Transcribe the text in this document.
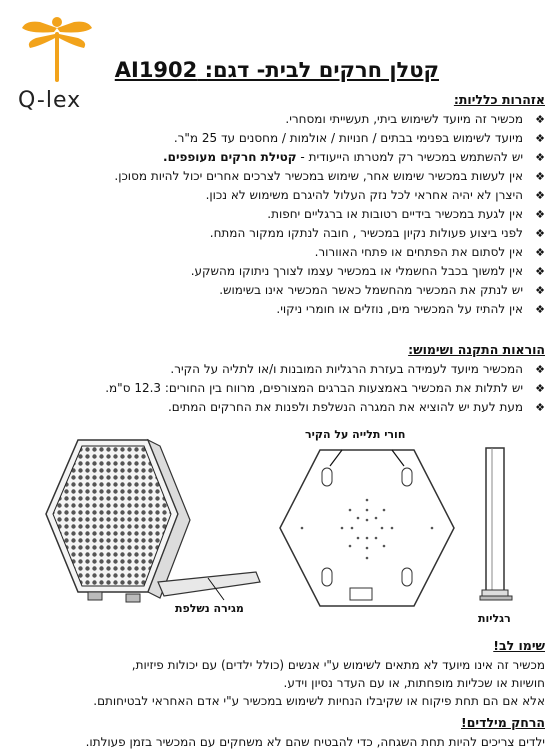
Q-lex
קטלן חרקים לבית- דגם: AI1902
אזהרות כלליות:
❖
מכשיר זה מיועד לשימוש ביתי, תעשייתי ומסחרי.
❖
מיועד לשימוש בפנימי בבתים / חנויות / אולמות / מחסנים עד 25 מ"ר.
❖
יש להשתמש במכשיר רק למטרתו הייעודית - קטילת חרקים מעופפים.
❖
אין לעשות במכשיר שימוש אחר, שימוש במכשיר לצרכים אחרים יכול להיות מסוכן.
❖
היצרן לא יהיה אחראי לכל נזק העלול להיגרם משימוש לא נכון.
❖
אין לגעת במכשיר בידיים רטובות או ברגליים יחפות.
❖
לפני ביצוע פעולות נקיון במכשיר , חובה לנתקו ממקור המתח.
❖
אין לסתום את הפתחים או פתחי האוורור.
❖
אין למשוך בכבל החשמלי או במכשיר עצמו לצורך ניתוקו מהשקע.
❖
יש לנתק את המכשיר מהחשמל כאשר המכשיר אינו בשימוש.
❖
אין להתיז על המכשיר מים, נוזלים או חומרי ניקוי.
הוראות התקנה ושימוש:
❖
המכשיר מיועד לעמידה בעזרת הרגליות המובנות ו/או לתליה על הקיר.
❖
יש לתלות את המכשיר באמצעות הברגים המצורפים, מרווח בין החורים: 12.3 ס"מ.
❖
מעת לעת יש להוציא את המגרה הנשלפת ולפנות את החרקים המתים.
מגירה נשלפת
חורי תלייה על הקיר
רגליות
שימו לב!

מכשיר זה אינו מיועד לא מתאים לשימוש ע"י אנשים (כולל ילדים) עם יכולות פיזיות,

חושיות או שכליות מופחתות, או עם העדר נסיון וידע.

אלא אם הם תחת פיקוח או שקיבלו הנחיות לשימוש במכשיר ע"י אדם האחראי לבטיחותם.

הרחק מילדים!

ילדים צריכים להיות תחת השגחה, כדי להבטיח שהם לא משחקים עם המכשיר בזמן פעולתו.
